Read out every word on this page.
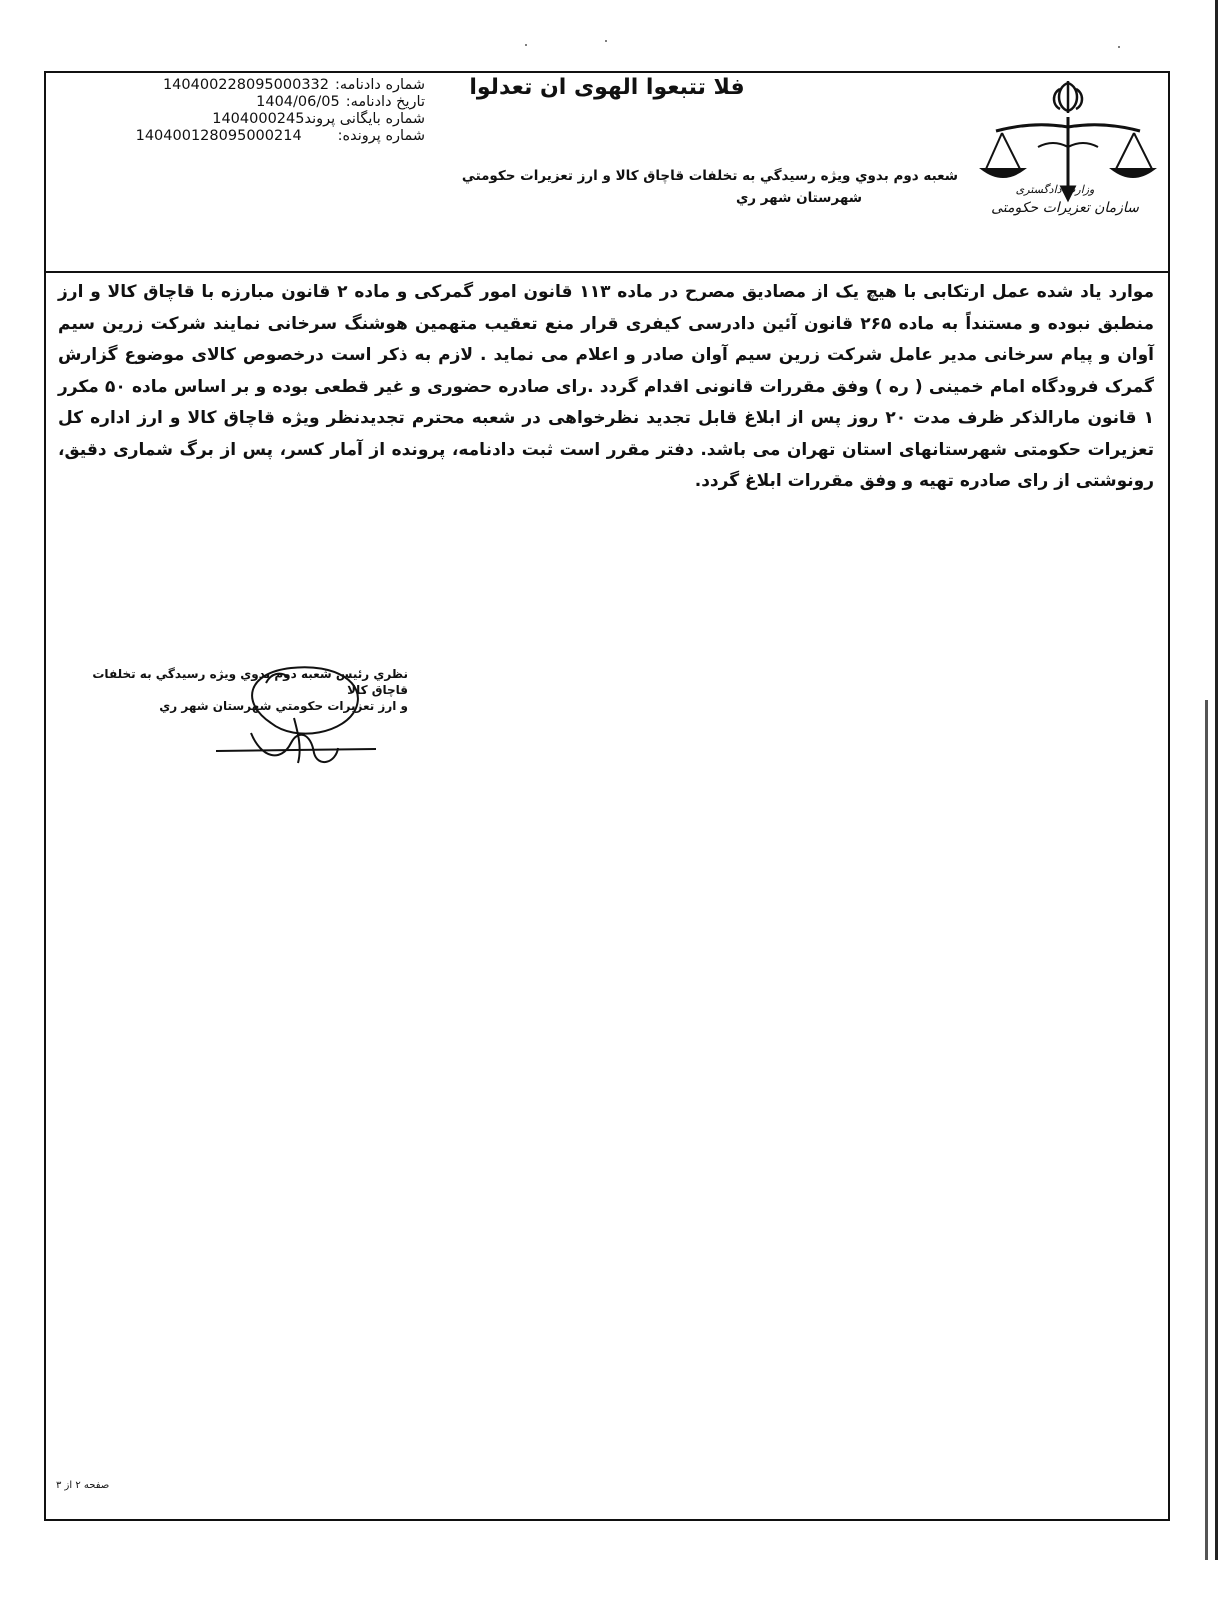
وزارت دادگستری
سازمان تعزیرات حکومتی
فلا تتبعوا الهوی ان تعدلوا
شعبه دوم بدوي ويژه رسيدگي به تخلفات قاچاق كالا و ارز تعزيرات حكومتي
شهرستان شهر ري
شماره دادنامه:
140400228095000332
تاریخ دادنامه:
1404/06/05
شماره بایگانی پروند
1404000245
شماره پرونده:
140400128095000214
موارد یاد شده عمل ارتکابی با هیچ یک از مصادیق مصرح در ماده ۱۱۳ قانون امور گمرکی و ماده ۲ قانون مبارزه با قاچاق کالا و ارز منطبق نبوده و مستنداً به ماده ۲۶۵ قانون آئین دادرسی کیفری قرار منع تعقیب متهمین هوشنگ سرخانی نمایند شرکت زرین سیم آوان و پیام سرخانی مدیر عامل شرکت زرین سیم آوان صادر و اعلام می نماید . لازم به ذکر است درخصوص کالای موضوع گزارش گمرک فرودگاه امام خمینی ( ره ) وفق مقررات قانونی اقدام گردد .رای صادره حضوری و غیر قطعی بوده و بر اساس ماده ۵۰ مکرر ۱ قانون مارالذکر ظرف مدت ۲۰ روز پس از ابلاغ قابل تجدید نظرخواهی در شعبه محترم تجدیدنظر ویژه قاچاق کالا و ارز اداره کل تعزیرات حکومتی شهرستانهای استان تهران می باشد. دفتر مقرر است ثبت دادنامه، پرونده از آمار کسر، پس از برگ شماری دقیق، رونوشتی از رای صادره تهیه و وفق مقررات ابلاغ گردد.
نظري رئيس شعبه دوم بدوي ويژه رسيدگي به تخلفات قاچاق كالا
و ارز تعزيرات حكومتي شهرستان شهر ري
صفحه ۲ از ۳
